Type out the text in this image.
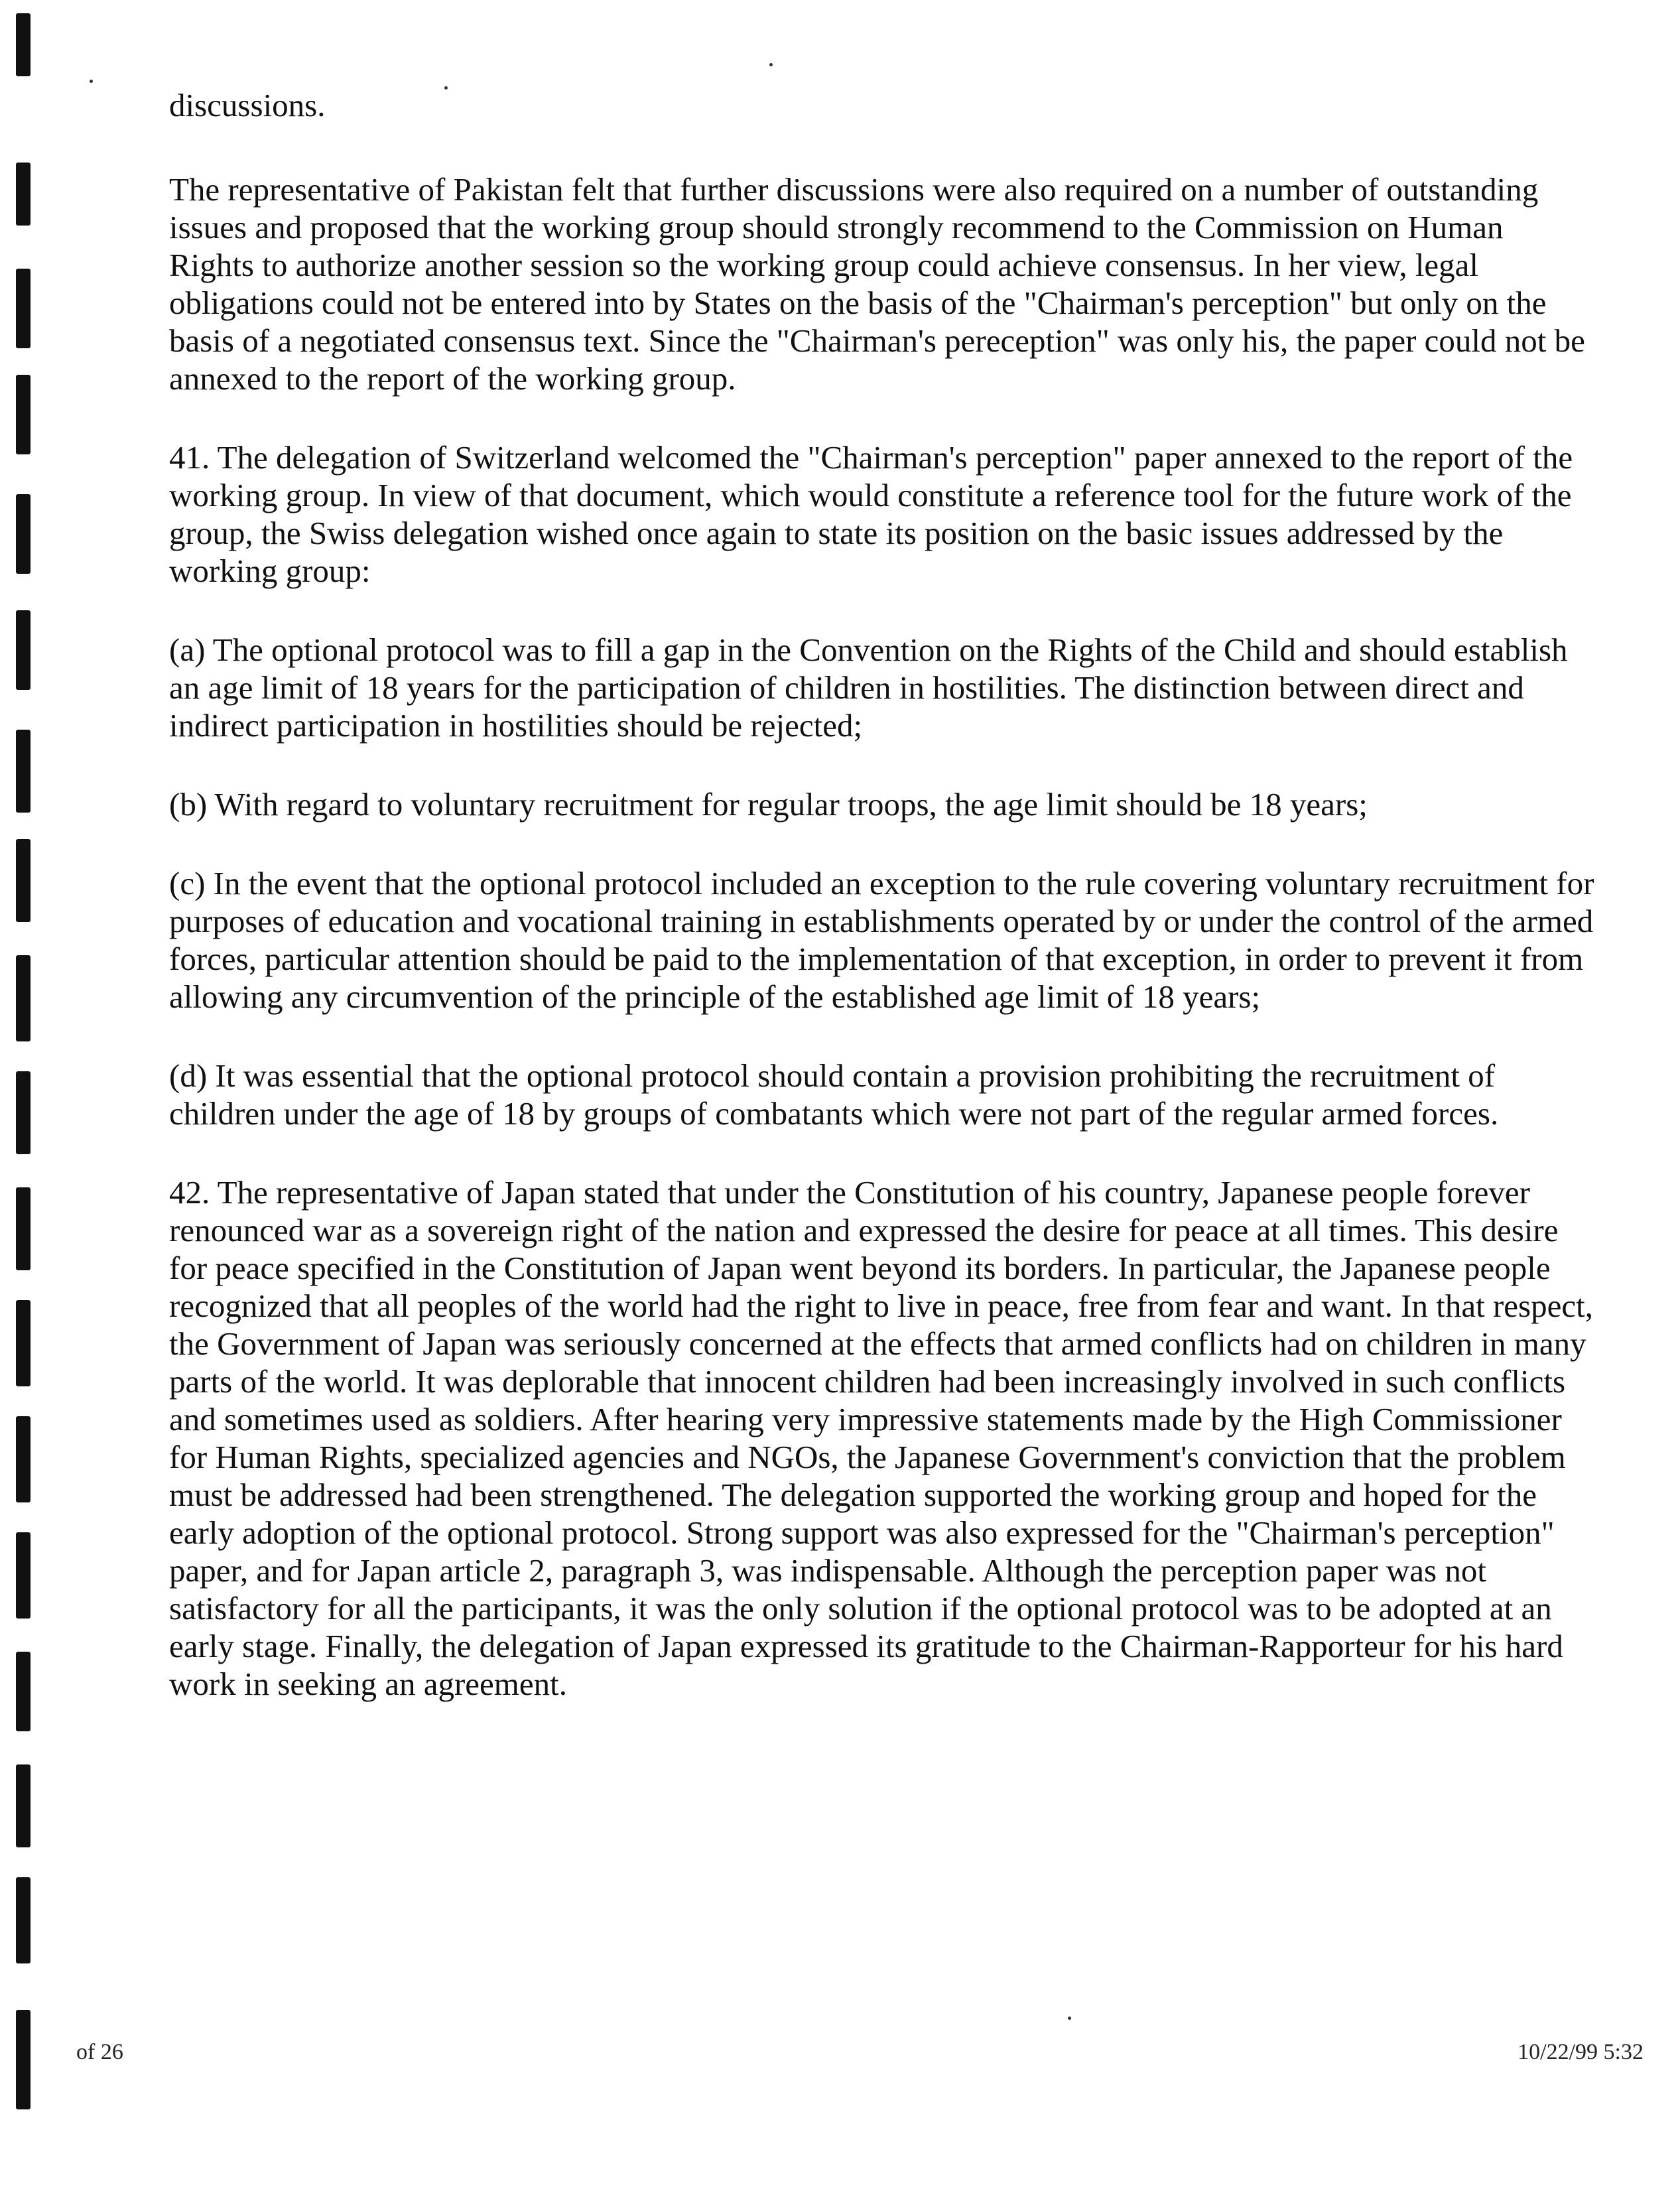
discussions.

The representative of Pakistan felt that further discussions were also required on a number of outstanding issues and proposed that the working group should strongly recommend to the Commission on Human Rights to authorize another session so the working group could achieve consensus. In her view, legal obligations could not be entered into by States on the basis of the "Chairman's perception" but only on the basis of a negotiated consensus text. Since the "Chairman's pereception" was only his, the paper could not be annexed to the report of the working group.

41. The delegation of Switzerland welcomed the "Chairman's perception" paper annexed to the report of the working group. In view of that document, which would constitute a reference tool for the future work of the group, the Swiss delegation wished once again to state its position on the basic issues addressed by the working group:

(a) The optional protocol was to fill a gap in the Convention on the Rights of the Child and should establish an age limit of 18 years for the participation of children in hostilities. The distinction between direct and indirect participation in hostilities should be rejected;

(b) With regard to voluntary recruitment for regular troops, the age limit should be 18 years;

(c) In the event that the optional protocol included an exception to the rule covering voluntary recruitment for purposes of education and vocational training in establishments operated by or under the control of the armed forces, particular attention should be paid to the implementation of that exception, in order to prevent it from allowing any circumvention of the principle of the established age limit of 18 years;

(d) It was essential that the optional protocol should contain a provision prohibiting the recruitment of children under the age of 18 by groups of combatants which were not part of the regular armed forces.

42. The representative of Japan stated that under the Constitution of his country, Japanese people forever renounced war as a sovereign right of the nation and expressed the desire for peace at all times. This desire for peace specified in the Constitution of Japan went beyond its borders. In particular, the Japanese people recognized that all peoples of the world had the right to live in peace, free from fear and want. In that respect, the Government of Japan was seriously concerned at the effects that armed conflicts had on children in many parts of the world. It was deplorable that innocent children had been increasingly involved in such conflicts and sometimes used as soldiers. After hearing very impressive statements made by the High Commissioner for Human Rights, specialized agencies and NGOs, the Japanese Government's conviction that the problem must be addressed had been strengthened. The delegation supported the working group and hoped for the early adoption of the optional protocol. Strong support was also expressed for the "Chairman's perception" paper, and for Japan article 2, paragraph 3, was indispensable. Although the perception paper was not satisfactory for all the participants, it was the only solution if the optional protocol was to be adopted at an early stage. Finally, the delegation of Japan expressed its gratitude to the Chairman-Rapporteur for his hard work in seeking an agreement.

of 26	10/22/99 5:32
